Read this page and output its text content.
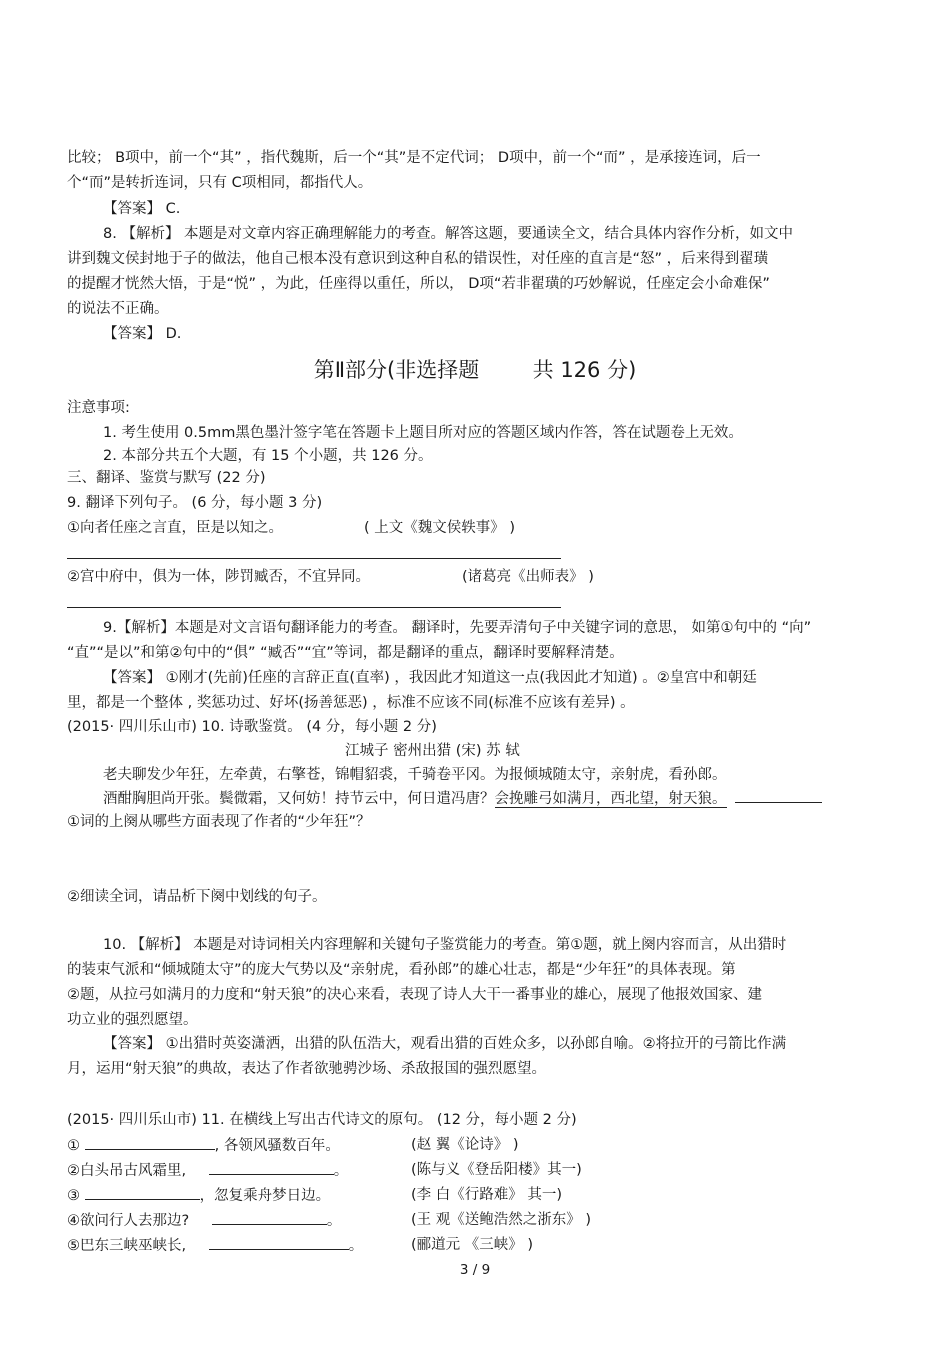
比较； B项中，前一个“其” ，指代魏斯，后一个“其”是不定代词； D项中，前一个“而” ，是承接连词，后一
个“而”是转折连词，只有 C项相同，都指代人。
【答案】 C.
8. 【解析】 本题是对文章内容正确理解能力的考查。解答这题，要通读全文，结合具体内容作分析，如文中
讲到魏文侯封地于子的做法，他自己根本没有意识到这种自私的错误性，对任座的直言是“怒” ，后来得到翟璜
的提醒才恍然大悟，于是“悦” ，为此，任座得以重任，所以， D项“若非翟璜的巧妙解说，任座定会小命难保”
的说法不正确。
【答案】 D.
第Ⅱ部分(非选择题        共 126 分)
注意事项:
1. 考生使用 0.5mm黑色墨汁签字笔在答题卡上题目所对应的答题区域内作答，答在试题卷上无效。
2. 本部分共五个大题，有 15 个小题，共 126 分。
三、翻译、鉴赏与默写 (22 分)
9. 翻译下列句子。 (6 分，每小题 3 分)
①向者任座之言直，臣是以知之。	( 上文《魏文侯轶事》 )
②宫中府中，俱为一体，陟罚臧否，不宜异同。	(诸葛亮《出师表》 )
9.【解析】本题是对文言语句翻译能力的考查。 翻译时，先要弄清句子中关键字词的意思， 如第①句中的 “向”
“直”“是以”和第②句中的“俱” “臧否”“宜”等词，都是翻译的重点，翻译时要解释清楚。
【答案】 ①刚才(先前)任座的言辞正直(直率) ，我因此才知道这一点(我因此才知道) 。②皇宫中和朝廷
里，都是一个整体 , 奖惩功过、好坏(扬善惩恶) ，标准不应该不同(标准不应该有差异) 。
(2015· 四川乐山市) 10. 诗歌鉴赏。 (4 分，每小题 2 分)
江城子 密州出猎 (宋) 苏 轼
老夫聊发少年狂，左牵黄，右擎苍，锦帽貂裘，千骑卷平冈。为报倾城随太守，亲射虎，看孙郎。
酒酣胸胆尚开张。鬓微霜，又何妨！持节云中，何日遣冯唐？会挽雕弓如满月，西北望，射天狼。
①词的上阕从哪些方面表现了作者的“少年狂”？
②细读全词，请品析下阕中划线的句子。
10. 【解析】 本题是对诗词相关内容理解和关键句子鉴赏能力的考查。第①题，就上阕内容而言，从出猎时
的装束气派和“倾城随太守”的庞大气势以及“亲射虎，看孙郎”的雄心壮志，都是“少年狂”的具体表现。第
②题，从拉弓如满月的力度和“射天狼”的决心来看，表现了诗人大干一番事业的雄心，展现了他报效国家、建
功立业的强烈愿望。
【答案】 ①出猎时英姿潇洒，出猎的队伍浩大，观看出猎的百姓众多，以孙郎自喻。②将拉开的弓箭比作满
月，运用“射天狼”的典故，表达了作者欲驰骋沙场、杀敌报国的强烈愿望。
(2015· 四川乐山市) 11. 在横线上写出古代诗文的原句。 (12 分，每小题 2 分)
①	, 各领风骚数百年。	(赵 翼《论诗》 )
②白头吊古风霜里,	。	(陈与义《登岳阳楼》其一)
③	，忽复乘舟梦日边。	(李 白《行路难》 其一)
④欲问行人去那边?	。	(王 观《送鲍浩然之浙东》 )
⑤巴东三峡巫峡长,	。	(郦道元 《三峡》 )
3 / 9
